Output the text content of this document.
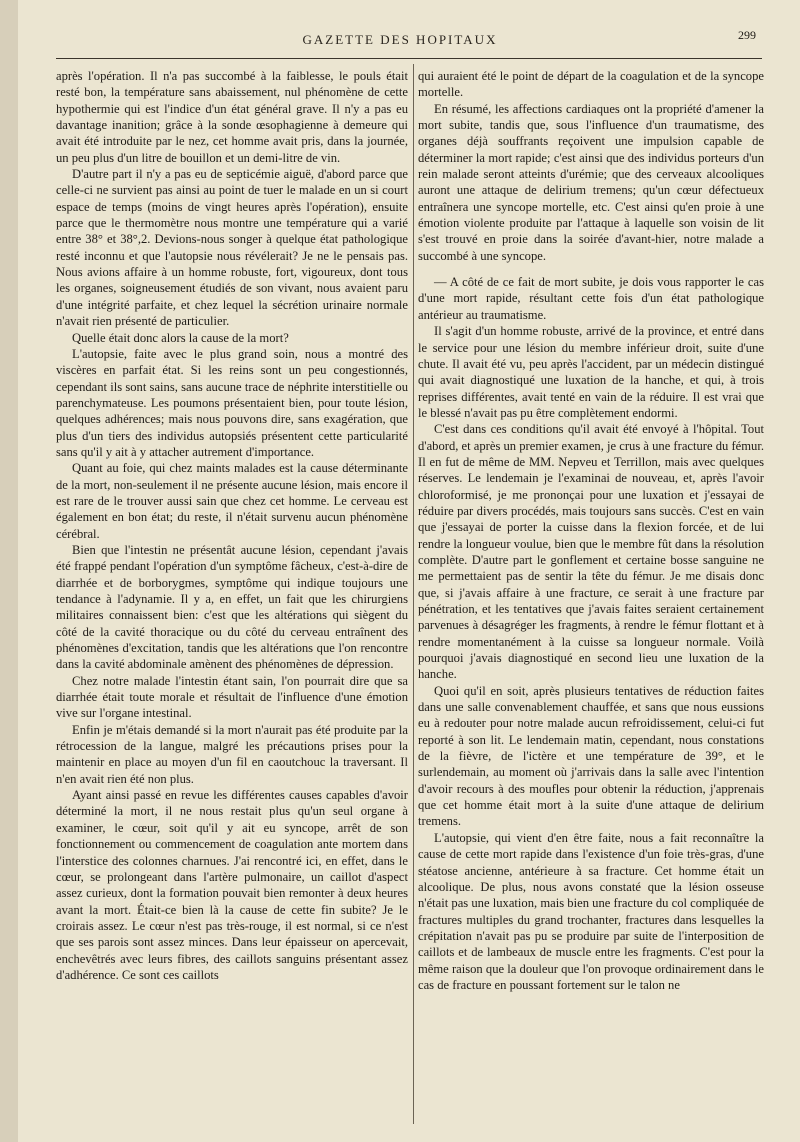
GAZETTE DES HOPITAUX	299

après l'opération. Il n'a pas succombé à la faiblesse, le pouls était resté bon, la température sans abaissement, nul phénomène de cette hypothermie qui est l'indice d'un état général grave. Il n'y a pas eu davantage inanition; grâce à la sonde œsophagienne à demeure qui avait été introduite par le nez, cet homme avait pris, dans la journée, un peu plus d'un litre de bouillon et un demi-litre de vin.

D'autre part il n'y a pas eu de septicémie aiguë, d'abord parce que celle-ci ne survient pas ainsi au point de tuer le malade en un si court espace de temps (moins de vingt heures après l'opération), ensuite parce que le thermomètre nous montre une température qui a varié entre 38° et 38°,2. Devions-nous songer à quelque état pathologique resté inconnu et que l'autopsie nous révélerait? Je ne le pensais pas. Nous avions affaire à un homme robuste, fort, vigoureux, dont tous les organes, soigneusement étudiés de son vivant, nous avaient paru d'une intégrité parfaite, et chez lequel la sécrétion urinaire normale n'avait rien présenté de particulier.

Quelle était donc alors la cause de la mort?

L'autopsie, faite avec le plus grand soin, nous a montré des viscères en parfait état. Si les reins sont un peu congestionnés, cependant ils sont sains, sans aucune trace de néphrite interstitielle ou parenchymateuse. Les poumons présentaient bien, pour toute lésion, quelques adhérences; mais nous pouvons dire, sans exagération, que plus d'un tiers des individus autopsiés présentent cette particularité sans qu'il y ait à y attacher autrement d'importance.

Quant au foie, qui chez maints malades est la cause déterminante de la mort, non-seulement il ne présente aucune lésion, mais encore il est rare de le trouver aussi sain que chez cet homme. Le cerveau est également en bon état; du reste, il n'était survenu aucun phénomène cérébral.

Bien que l'intestin ne présentât aucune lésion, cependant j'avais été frappé pendant l'opération d'un symptôme fâcheux, c'est-à-dire de diarrhée et de borborygmes, symptôme qui indique toujours une tendance à l'adynamie. Il y a, en effet, un fait que les chirurgiens militaires connaissent bien: c'est que les altérations qui siègent du côté de la cavité thoracique ou du côté du cerveau entraînent des phénomènes d'excitation, tandis que les altérations que l'on rencontre dans la cavité abdominale amènent des phénomènes de dépression.

Chez notre malade l'intestin étant sain, l'on pourrait dire que sa diarrhée était toute morale et résultait de l'influence d'une émotion vive sur l'organe intestinal.

Enfin je m'étais demandé si la mort n'aurait pas été produite par la rétrocession de la langue, malgré les précautions prises pour la maintenir en place au moyen d'un fil en caoutchouc la traversant. Il n'en avait rien été non plus.

Ayant ainsi passé en revue les différentes causes capables d'avoir déterminé la mort, il ne nous restait plus qu'un seul organe à examiner, le cœur, soit qu'il y ait eu syncope, arrêt de son fonctionnement ou commencement de coagulation ante mortem dans l'interstice des colonnes charnues. J'ai rencontré ici, en effet, dans le cœur, se prolongeant dans l'artère pulmonaire, un caillot d'aspect assez curieux, dont la formation pouvait bien remonter à deux heures avant la mort. Était-ce bien là la cause de cette fin subite? Je le croirais assez. Le cœur n'est pas très-rouge, il est normal, si ce n'est que ses parois sont assez minces. Dans leur épaisseur on apercevait, enchevêtrés avec leurs fibres, des caillots sanguins présentant assez d'adhérence. Ce sont ces caillots

qui auraient été le point de départ de la coagulation et de la syncope mortelle.

En résumé, les affections cardiaques ont la propriété d'amener la mort subite, tandis que, sous l'influence d'un traumatisme, des organes déjà souffrants reçoivent une impulsion capable de déterminer la mort rapide; c'est ainsi que des individus porteurs d'un rein malade seront atteints d'urémie; que des cerveaux alcooliques auront une attaque de delirium tremens; qu'un cœur défectueux entraînera une syncope mortelle, etc. C'est ainsi qu'en proie à une émotion violente produite par l'attaque à laquelle son voisin de lit s'est trouvé en proie dans la soirée d'avant-hier, notre malade a succombé à une syncope.

— A côté de ce fait de mort subite, je dois vous rapporter le cas d'une mort rapide, résultant cette fois d'un état pathologique antérieur au traumatisme.

Il s'agit d'un homme robuste, arrivé de la province, et entré dans le service pour une lésion du membre inférieur droit, suite d'une chute. Il avait été vu, peu après l'accident, par un médecin distingué qui avait diagnostiqué une luxation de la hanche, et qui, à trois reprises différentes, avait tenté en vain de la réduire. Il est vrai que le blessé n'avait pas pu être complètement endormi.

C'est dans ces conditions qu'il avait été envoyé à l'hôpital. Tout d'abord, et après un premier examen, je crus à une fracture du fémur. Il en fut de même de MM. Nepveu et Terrillon, mais avec quelques réserves. Le lendemain je l'examinai de nouveau, et, après l'avoir chloroformisé, je me prononçai pour une luxation et j'essayai de réduire par divers procédés, mais toujours sans succès. C'est en vain que j'essayai de porter la cuisse dans la flexion forcée, et de lui rendre la longueur voulue, bien que le membre fût dans la résolution complète. D'autre part le gonflement et certaine bosse sanguine ne me permettaient pas de sentir la tête du fémur. Je me disais donc que, si j'avais affaire à une fracture, ce serait à une fracture par pénétration, et les tentatives que j'avais faites seraient certainement parvenues à désagréger les fragments, à rendre le fémur flottant et à rendre momentanément à la cuisse sa longueur normale. Voilà pourquoi j'avais diagnostiqué en second lieu une luxation de la hanche.

Quoi qu'il en soit, après plusieurs tentatives de réduction faites dans une salle convenablement chauffée, et sans que nous eussions eu à redouter pour notre malade aucun refroidissement, celui-ci fut reporté à son lit. Le lendemain matin, cependant, nous constations de la fièvre, de l'ictère et une température de 39°, et le surlendemain, au moment où j'arrivais dans la salle avec l'intention d'avoir recours à des moufles pour obtenir la réduction, j'apprenais que cet homme était mort à la suite d'une attaque de delirium tremens.

L'autopsie, qui vient d'en être faite, nous a fait reconnaître la cause de cette mort rapide dans l'existence d'un foie très-gras, d'une stéatose ancienne, antérieure à sa fracture. Cet homme était un alcoolique. De plus, nous avons constaté que la lésion osseuse n'était pas une luxation, mais bien une fracture du col compliquée de fractures multiples du grand trochanter, fractures dans lesquelles la crépitation n'avait pas pu se produire par suite de l'interposition de caillots et de lambeaux de muscle entre les fragments. C'est pour la même raison que la douleur que l'on provoque ordinairement dans le cas de fracture en poussant fortement sur le talon ne
